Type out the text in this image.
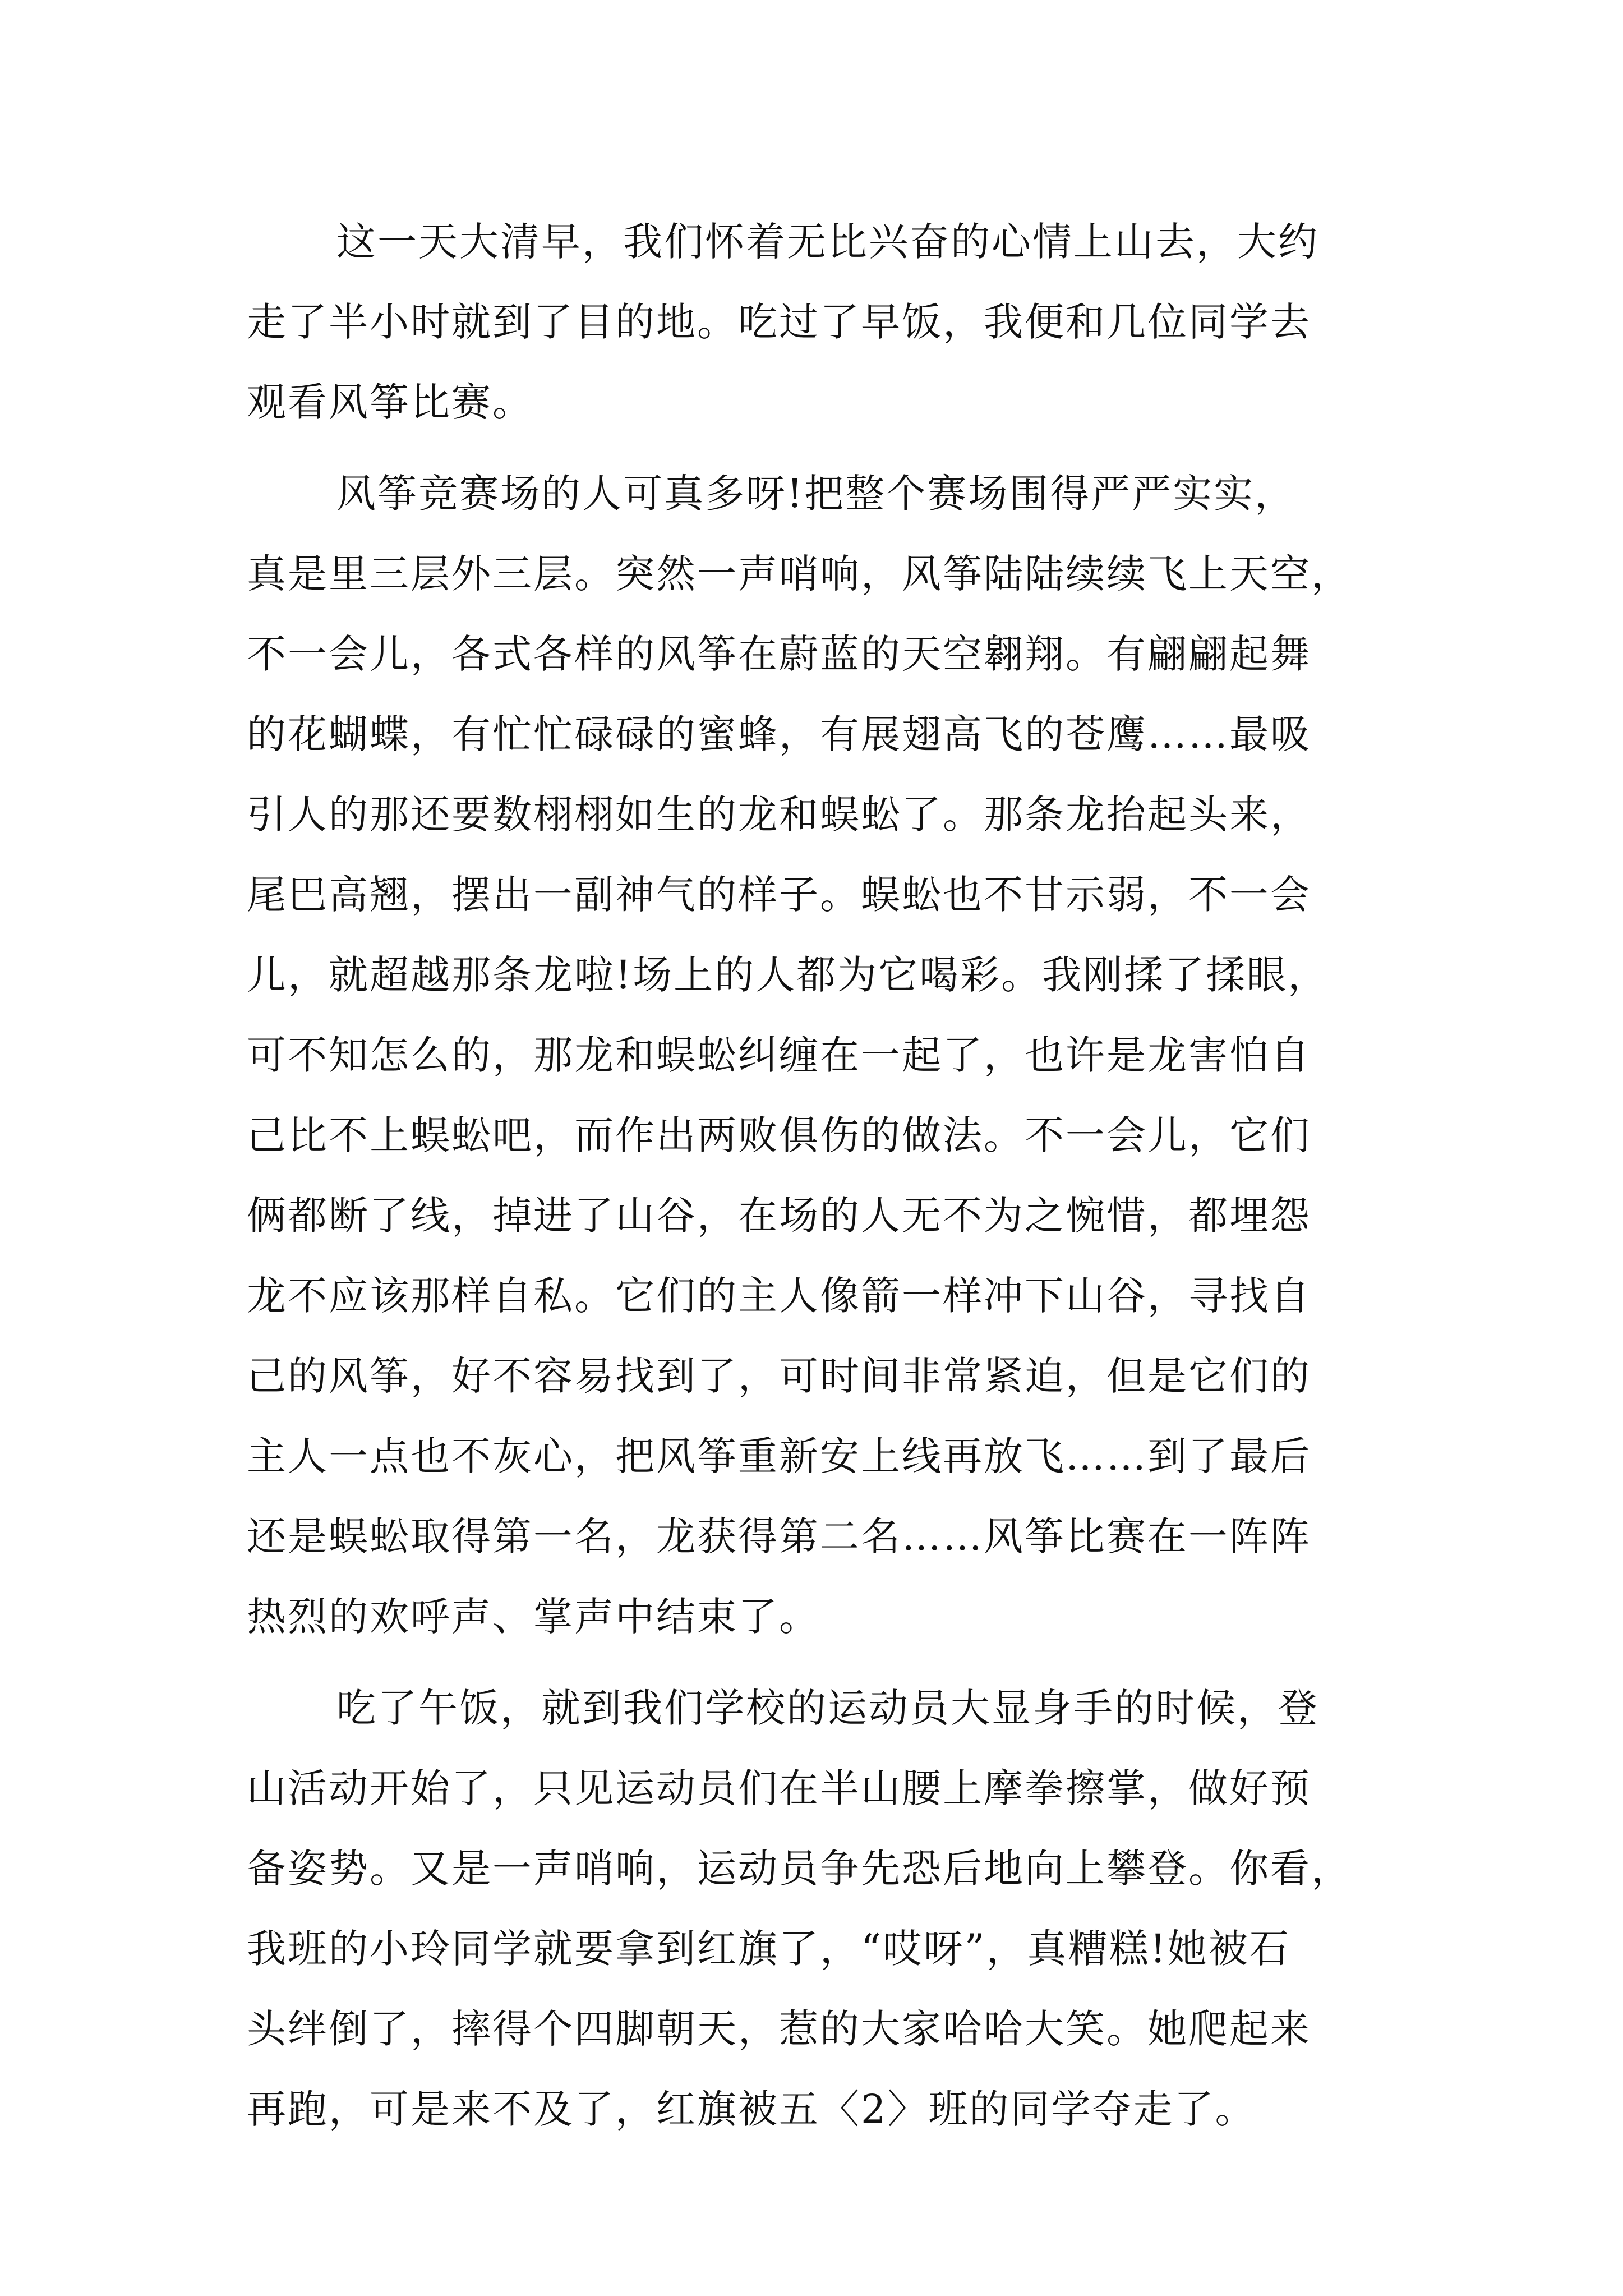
这一天大清早，我们怀着无比兴奋的心情上山去，大约
走了半小时就到了目的地。吃过了早饭，我便和几位同学去
观看风筝比赛。
风筝竞赛场的人可真多呀!把整个赛场围得严严实实，
真是里三层外三层。突然一声哨响，风筝陆陆续续飞上天空，
不一会儿，各式各样的风筝在蔚蓝的天空翱翔。有翩翩起舞
的花蝴蝶，有忙忙碌碌的蜜蜂，有展翅高飞的苍鹰……最吸
引人的那还要数栩栩如生的龙和蜈蚣了。那条龙抬起头来，
尾巴高翘，摆出一副神气的样子。蜈蚣也不甘示弱，不一会
儿，就超越那条龙啦!场上的人都为它喝彩。我刚揉了揉眼，
可不知怎么的，那龙和蜈蚣纠缠在一起了，也许是龙害怕自
己比不上蜈蚣吧，而作出两败俱伤的做法。不一会儿，它们
俩都断了线，掉进了山谷，在场的人无不为之惋惜，都埋怨
龙不应该那样自私。它们的主人像箭一样冲下山谷，寻找自
己的风筝，好不容易找到了，可时间非常紧迫，但是它们的
主人一点也不灰心，把风筝重新安上线再放飞……到了最后
还是蜈蚣取得第一名，龙获得第二名……风筝比赛在一阵阵
热烈的欢呼声、掌声中结束了。
吃了午饭，就到我们学校的运动员大显身手的时候，登
山活动开始了，只见运动员们在半山腰上摩拳擦掌，做好预
备姿势。又是一声哨响，运动员争先恐后地向上攀登。你看，
我班的小玲同学就要拿到红旗了，“哎呀”，真糟糕!她被石
头绊倒了，摔得个四脚朝天，惹的大家哈哈大笑。她爬起来
再跑，可是来不及了，红旗被五〈2〉班的同学夺走了。
